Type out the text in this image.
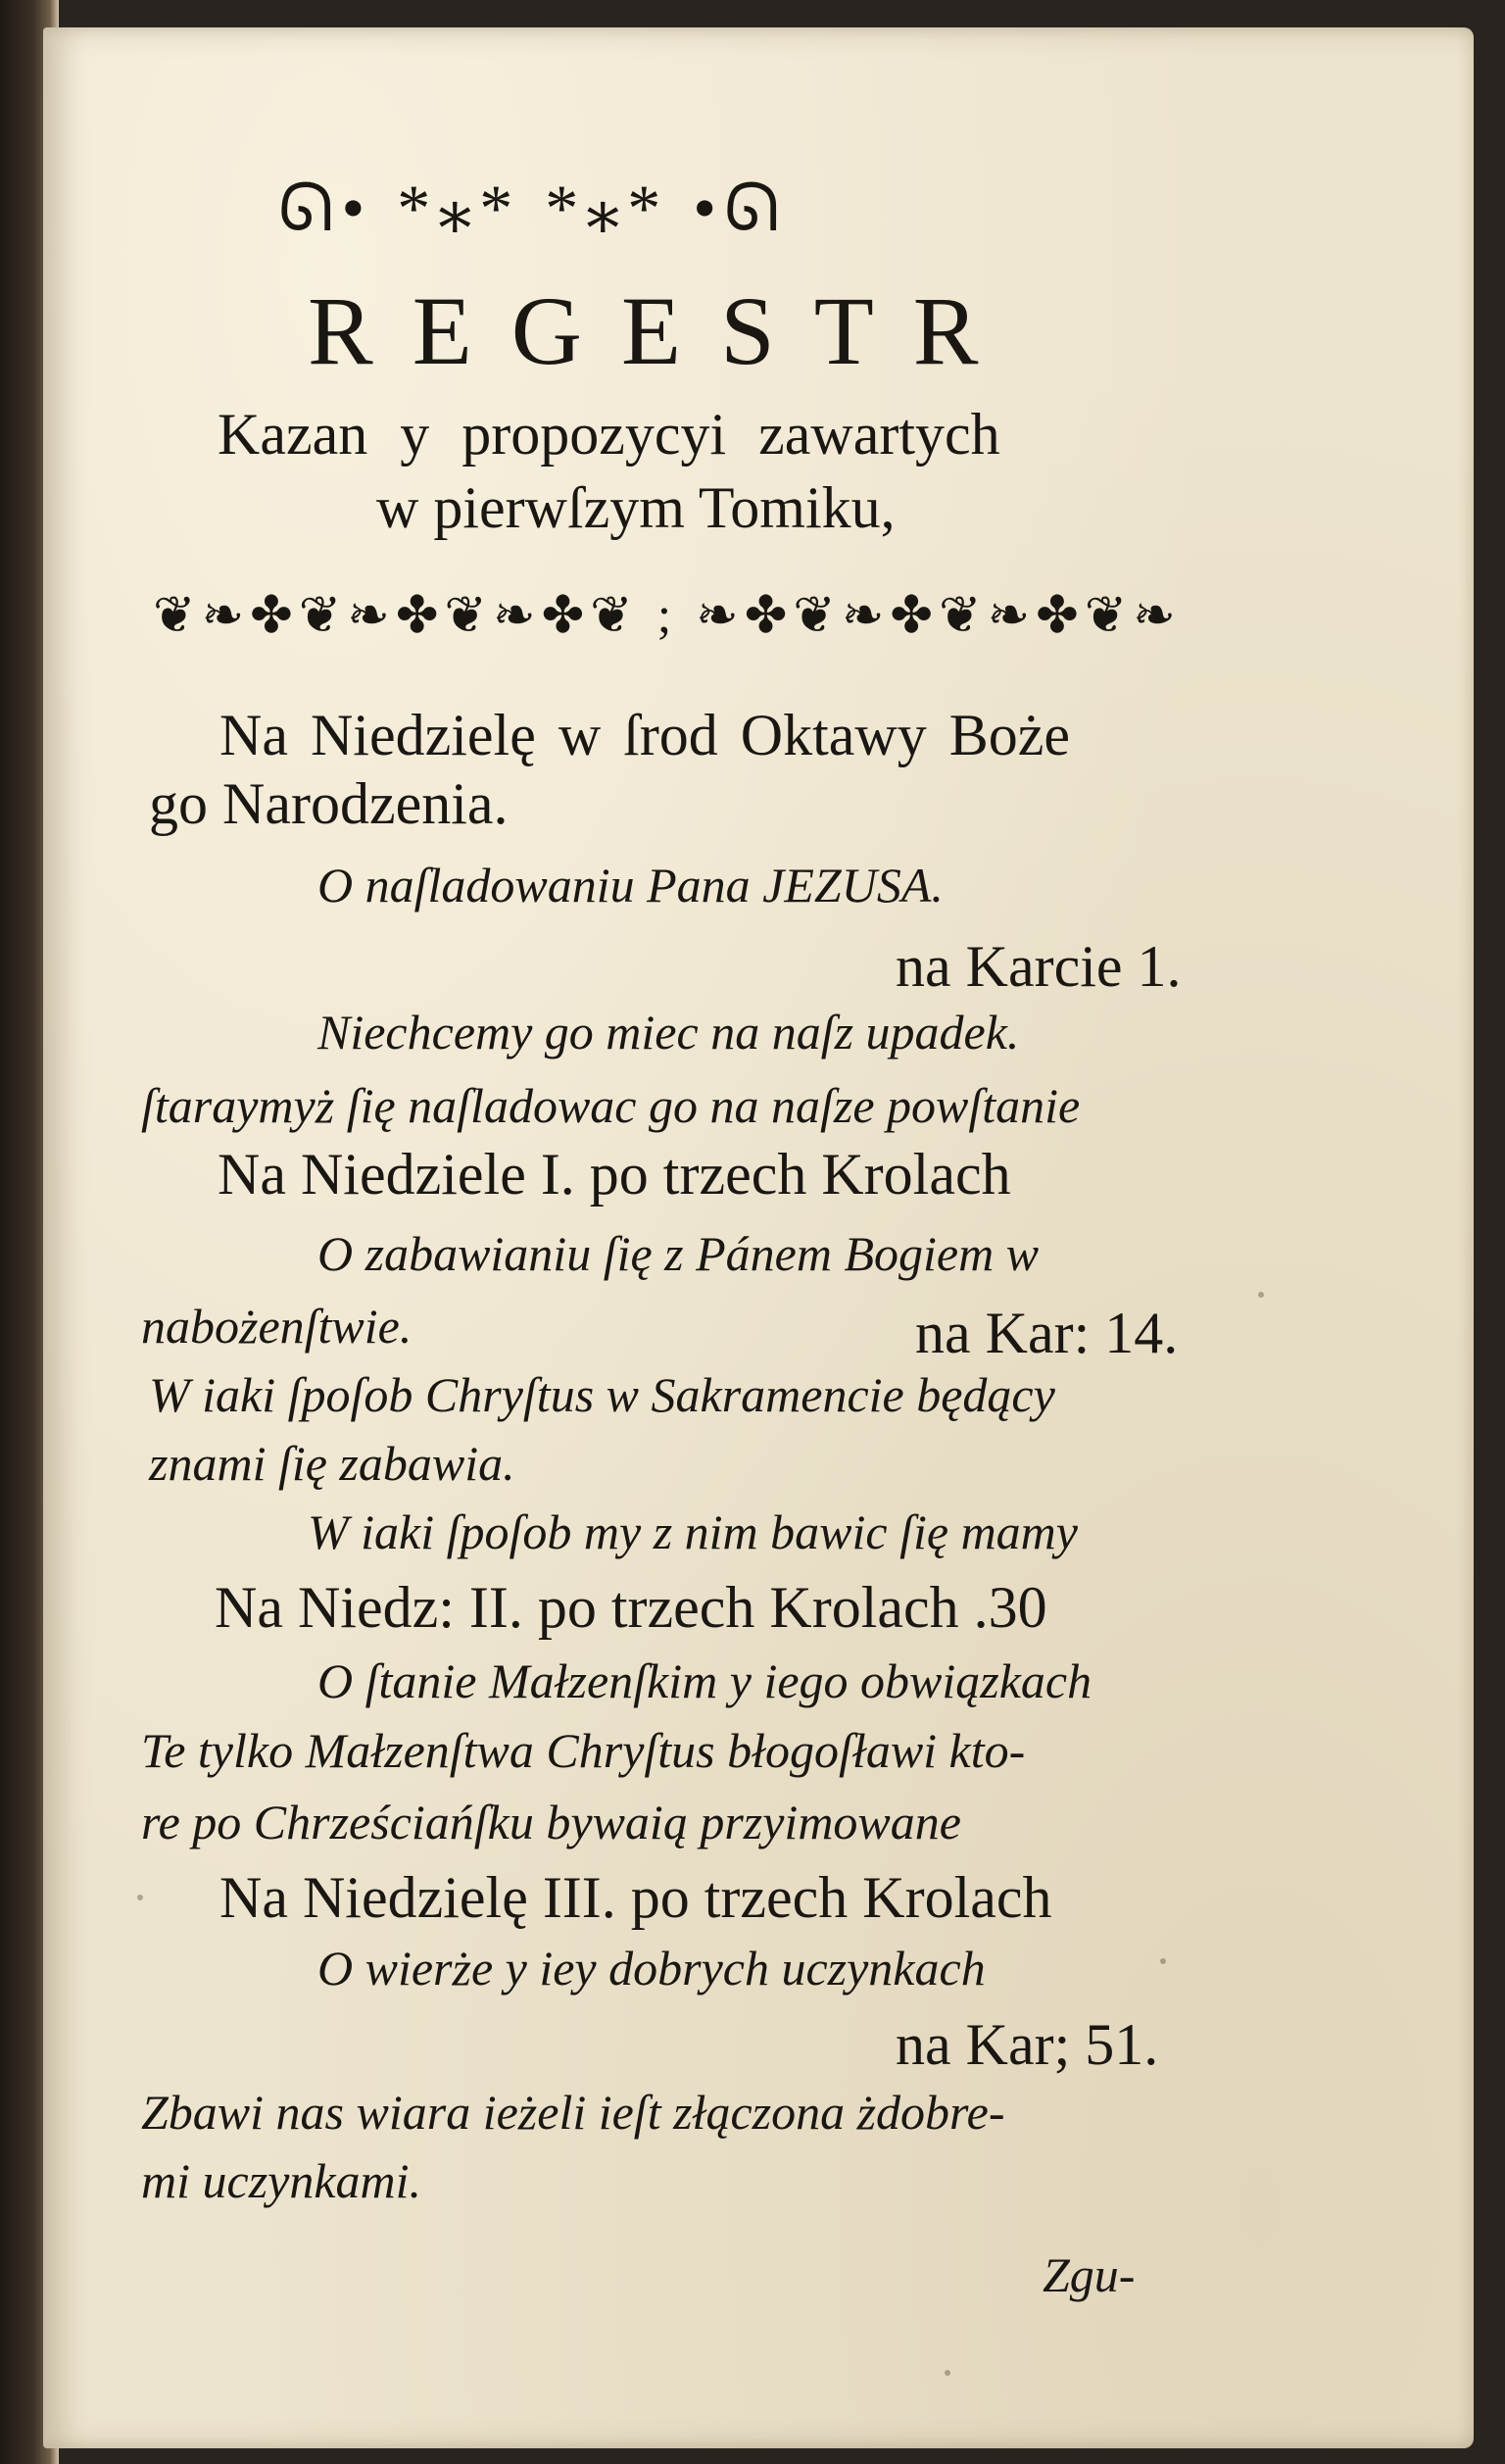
ᘏ• *⁎* *⁎* •ᘏ
REGESTR
Kazan y propozycyi zawartych
w pierwſzym Tomiku,
❦❧✤❦❧✤❦❧✤❦ ; ❧✤❦❧✤❦❧✤❦❧
Na Niedzielę w ſrod Oktawy Boże
go Narodzenia.
O naſladowaniu Pana JEZUSA.
na Karcie 1.
Niechcemy go miec na naſz upadek.
ſtaraymyż ſię naſladowac go na naſze powſtanie
Na Niedziele I. po trzech Krolach
O zabawianiu ſię z Pánem Bogiem w
nabożenſtwie.	na Kar: 14.
W iaki ſpoſob Chryſtus w Sakramencie będący
znami ſię zabawia.
W iaki ſpoſob my z nim bawic ſię mamy
Na Niedz: II. po trzech Krolach .30
O ſtanie Małzenſkim y iego obwiązkach
Te tylko Małzenſtwa Chryſtus błogoſławi kto-
re po Chrześciańſku bywaią przyimowane
Na Niedzielę III. po trzech Krolach
O wierże y iey dobrych uczynkach
na Kar; 51.
Zbawi nas wiara ieżeli ieſt złączona żdobre-
mi uczynkami.
Zgu-
